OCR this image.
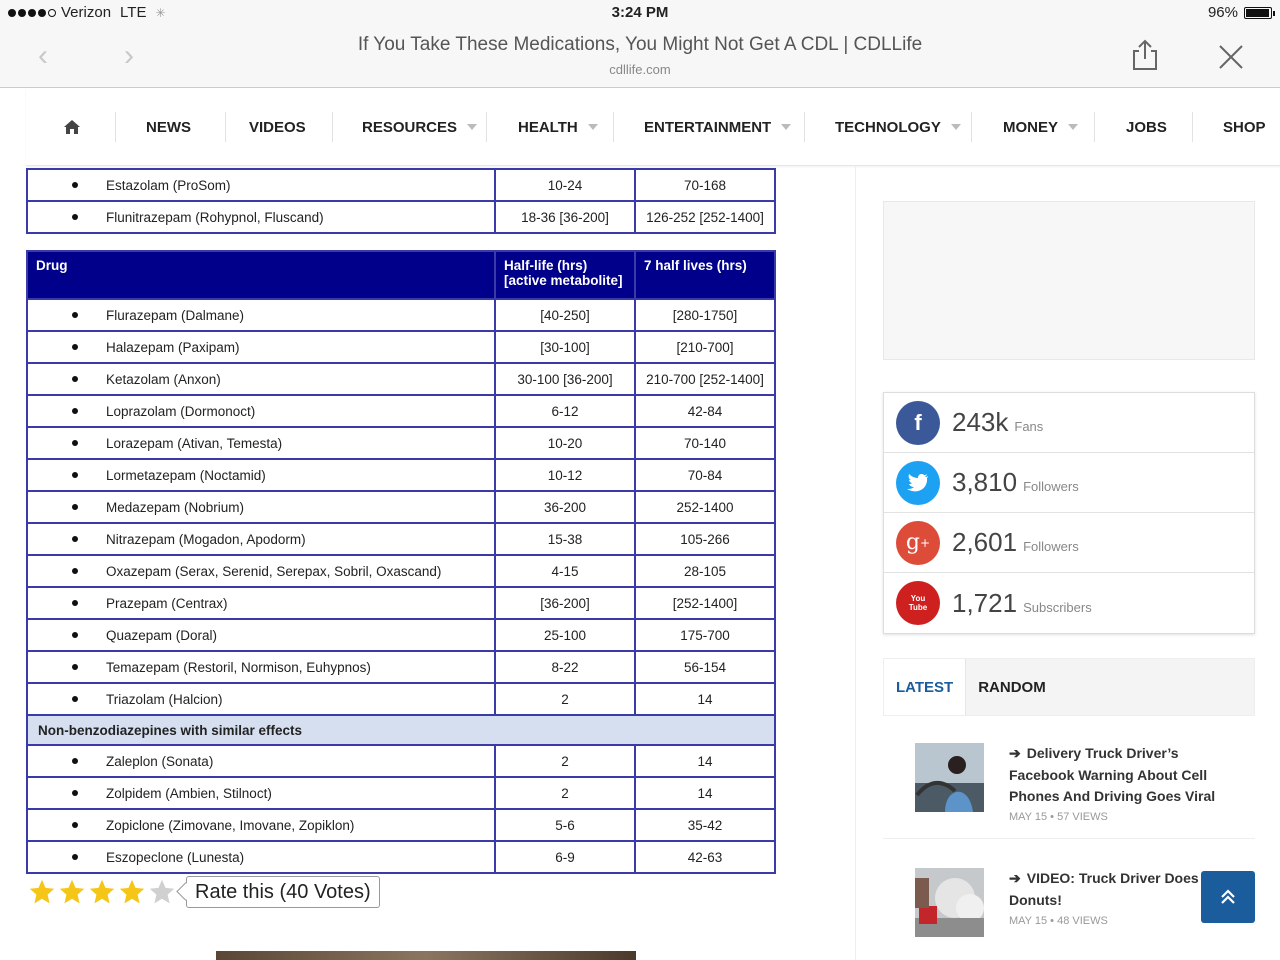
Verizon LTE ✳	3:24 PM	96%
‹	›	If You Take These Medications, You Might Not Get A CDL | CDLLife
cdllife.com
NEWS	VIDEOS	RESOURCES	HEALTH	ENTERTAINMENT	TECHNOLOGY	MONEY	JOBS	SHOP
Estazolam (ProSom)	10-24	70-168
Flunitrazepam (Rohypnol, Fluscand)	18-36 [36-200]	126-252 [252-1400]
Drug	Half-life (hrs) [active metabolite]	7 half lives (hrs)
Flurazepam (Dalmane)	[40-250]	[280-1750]
Halazepam (Paxipam)	[30-100]	[210-700]
Ketazolam (Anxon)	30-100 [36-200]	210-700 [252-1400]
Loprazolam (Dormonoct)	6-12	42-84
Lorazepam (Ativan, Temesta)	10-20	70-140
Lormetazepam (Noctamid)	10-12	70-84
Medazepam (Nobrium)	36-200	252-1400
Nitrazepam (Mogadon, Apodorm)	15-38	105-266
Oxazepam (Serax, Serenid, Serepax, Sobril, Oxascand)	4-15	28-105
Prazepam (Centrax)	[36-200]	[252-1400]
Quazepam (Doral)	25-100	175-700
Temazepam (Restoril, Normison, Euhypnos)	8-22	56-154
Triazolam (Halcion)	2	14
Non-benzodiazepines with similar effects		
Zaleplon (Sonata)	2	14
Zolpidem (Ambien, Stilnoct)	2	14
Zopiclone (Zimovane, Imovane, Zopiklon)	5-6	35-42
Eszopeclone (Lunesta)	6-9	42-63
Rate this (40 Votes)
f	243k Fans
3,810 Followers
g + 2,601 Followers
You
Tube 1,721 Subscribers
LATEST	RANDOM
➔ Delivery Truck Driver’s Facebook Warning About Cell Phones And Driving Goes Viral
MAY 15 • 57 VIEWS
➔ VIDEO: Truck Driver Does Donuts!
MAY 15 • 48 VIEWS
